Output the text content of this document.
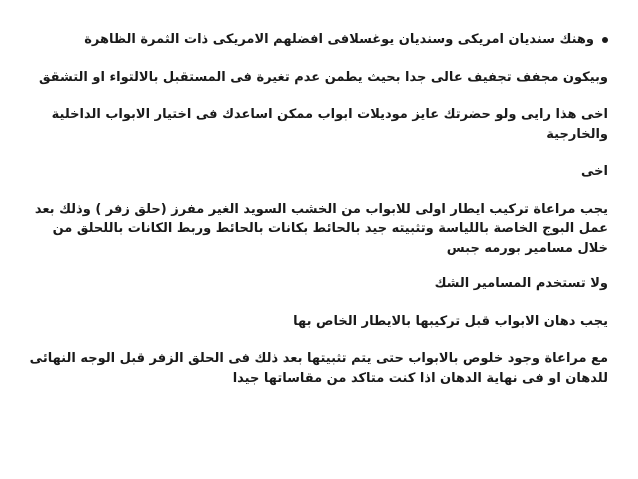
وهنك سنديان امريكى وسنديان يوغسلافى افضلهم الامريكى ذات الثمرة الظاهرة

وبيكون مجفف تجفيف عالى جدا بحيث يطمن عدم تغيرة فى المستقبل بالالتواء او التشقق

اخى هذا رايى ولو حضرتك عايز موديلات ابواب ممكن اساعدك فى اختيار الابواب الداخلية والخارجية

اخى

يجب مراعاة تركيب ايطار اولى للابواب من الخشب السويد الغير مفرز (حلق زفر ) وذلك بعد عمل البوج الخاصة باللياسة وتثبيته جيد بالحائط بكانات بالحائط وربط الكانات باللحلق من خلال مسامير بورمه جبس

ولا تستخدم المسامير الشك

يجب دهان الابواب قبل تركيبها بالايطار الخاص بها

مع مراعاة وجود خلوص بالابواب حتى يتم تثبيتها بعد ذلك فى الحلق الزفر قبل الوجه النهائى للدهان او فى نهاية الدهان اذا كنت متاكد من مقاساتها جيدا
